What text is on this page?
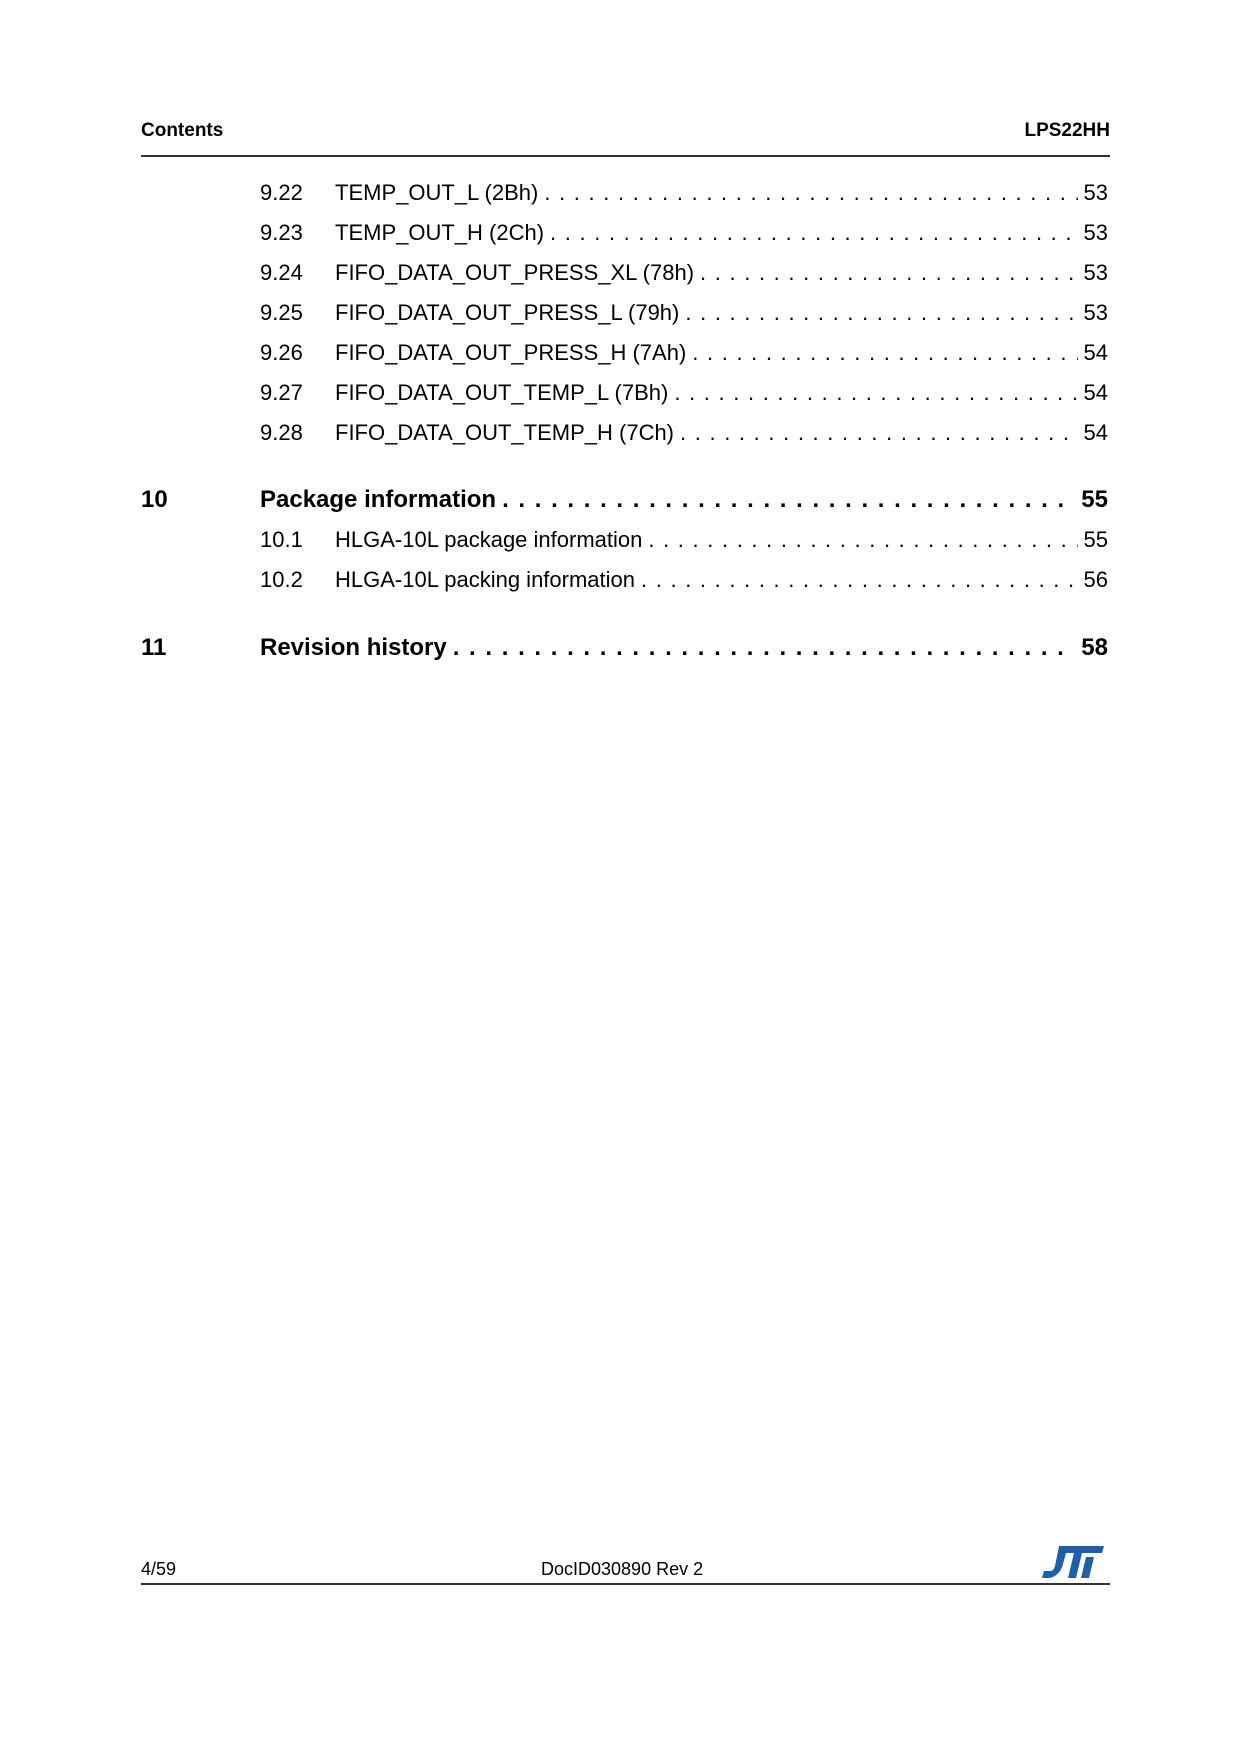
Contents	LPS22HH
9.22	TEMP_OUT_L (2Bh) . . .	53
9.23	TEMP_OUT_H (2Ch) . . .	53
9.24	FIFO_DATA_OUT_PRESS_XL (78h) . . .	53
9.25	FIFO_DATA_OUT_PRESS_L (79h) . . .	53
9.26	FIFO_DATA_OUT_PRESS_H (7Ah) . . .	54
9.27	FIFO_DATA_OUT_TEMP_L (7Bh) . . .	54
9.28	FIFO_DATA_OUT_TEMP_H (7Ch) . . .	54
10	Package information . . .	55
10.1	HLGA-10L package information . . .	55
10.2	HLGA-10L packing information . . .	56
11	Revision history . . .	58
4/59	DocID030890 Rev 2
